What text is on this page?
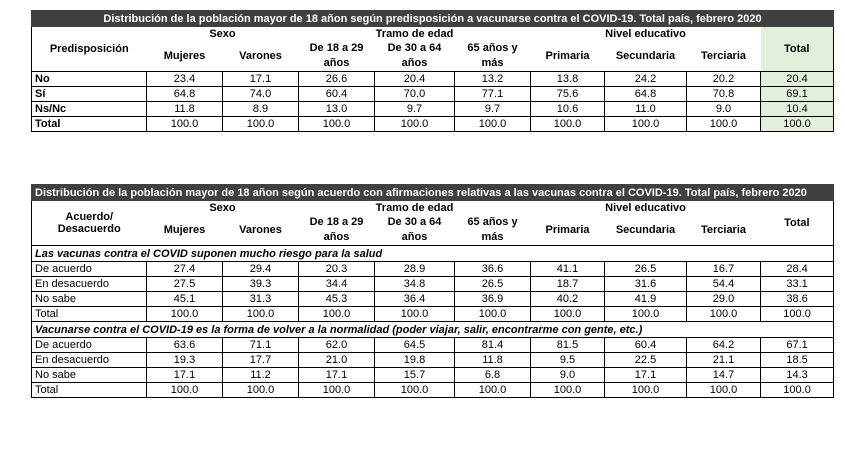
Distribución de la población mayor de 18 añon según predisposición a vacunarse contra el COVID-19. Total país, febrero 2020									
Predisposición	Sexo		Tramo de edad			Nivel educativo			Total
	Mujeres	Varones	De 18 a 29 años	De 30 a 64 años	65 años y más	Primaria	Secundaria	Terciaria	

No	23.4	17.1	26.6	20.4	13.2	13.8	24.2	20.2	20.4
Sí	64.8	74.0	60.4	70.0	77.1	75.6	64.8	70.8	69.1
Ns/Nc	11.8	8.9	13.0	9.7	9.7	10.6	11.0	9.0	10.4
Total	100.0	100.0	100.0	100.0	100.0	100.0	100.0	100.0	100.0
Distribución de la población mayor de 18 añon según acuerdo con afirmaciones relativas a las vacunas contra el COVID-19. Total país, febrero 2020									
Acuerdo/ Desacuerdo	Sexo		Tramo de edad			Nivel educativo			Total
	Mujeres	Varones	De 18 a 29 años	De 30 a 64 años	65 años y más	Primaria	Secundaria	Terciaria	

Las vacunas contra el COVID suponen mucho riesgo para la salud									
De acuerdo	27.4	29.4	20.3	28.9	36.6	41.1	26.5	16.7	28.4
En desacuerdo	27.5	39.3	34.4	34.8	26.5	18.7	31.6	54.4	33.1
No sabe	45.1	31.3	45.3	36.4	36.9	40.2	41.9	29.0	38.6
Total	100.0	100.0	100.0	100.0	100.0	100.0	100.0	100.0	100.0
Vacunarse contra el COVID-19 es la forma de volver a la normalidad (poder viajar, salir, encontrarme con gente, etc.)									
De acuerdo	63.6	71.1	62.0	64.5	81.4	81.5	60.4	64.2	67.1
En desacuerdo	19.3	17.7	21.0	19.8	11.8	9.5	22.5	21.1	18.5
No sabe	17.1	11.2	17.1	15.7	6.8	9.0	17.1	14.7	14.3
Total	100.0	100.0	100.0	100.0	100.0	100.0	100.0	100.0	100.0
